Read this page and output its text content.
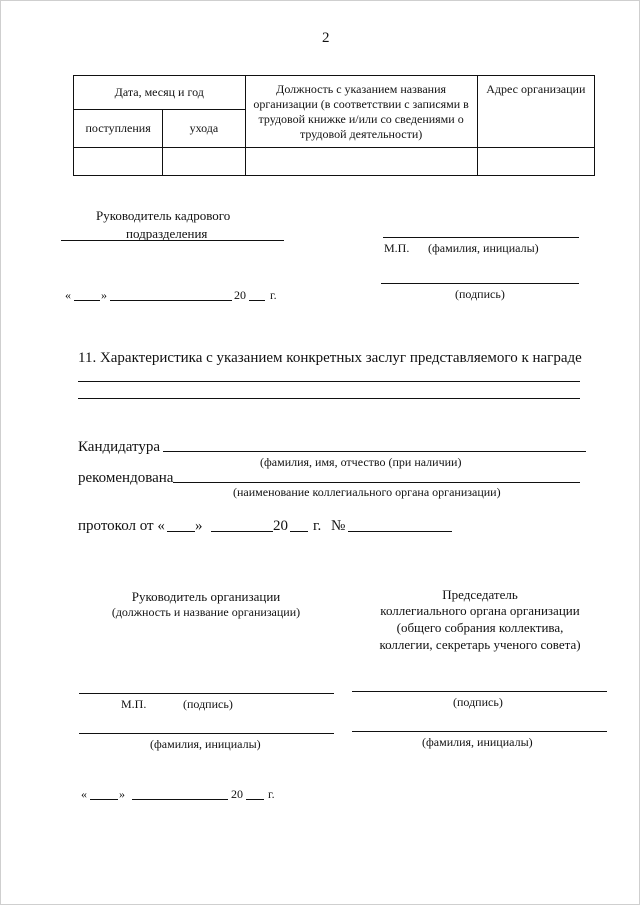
2
Дата, месяц и год		Должность с указанием названия организации (в соответствии с записями в трудовой книжке и/или со сведениями о трудовой деятельности)	Адрес организации
поступления	ухода		

Руководитель кадрового
подразделения
М.П. (фамилия, инициалы)
«	»	20 г.	(подпись)
11. Характеристика с указанием конкретных заслуг представляемого к награде
Кандидатура
(фамилия, имя, отчество (при наличии)
рекомендована
(наименование коллегиального органа организации)
протокол от « »	20 г. №
Руководитель организации
(должность и название организации)
Председатель
коллегиального органа организации
(общего собрания коллектива,
коллегии, секретарь ученого совета)
М.П.	(подпись)	(подпись)
(фамилия, инициалы)	(фамилия, инициалы)
«	»	20 г.
